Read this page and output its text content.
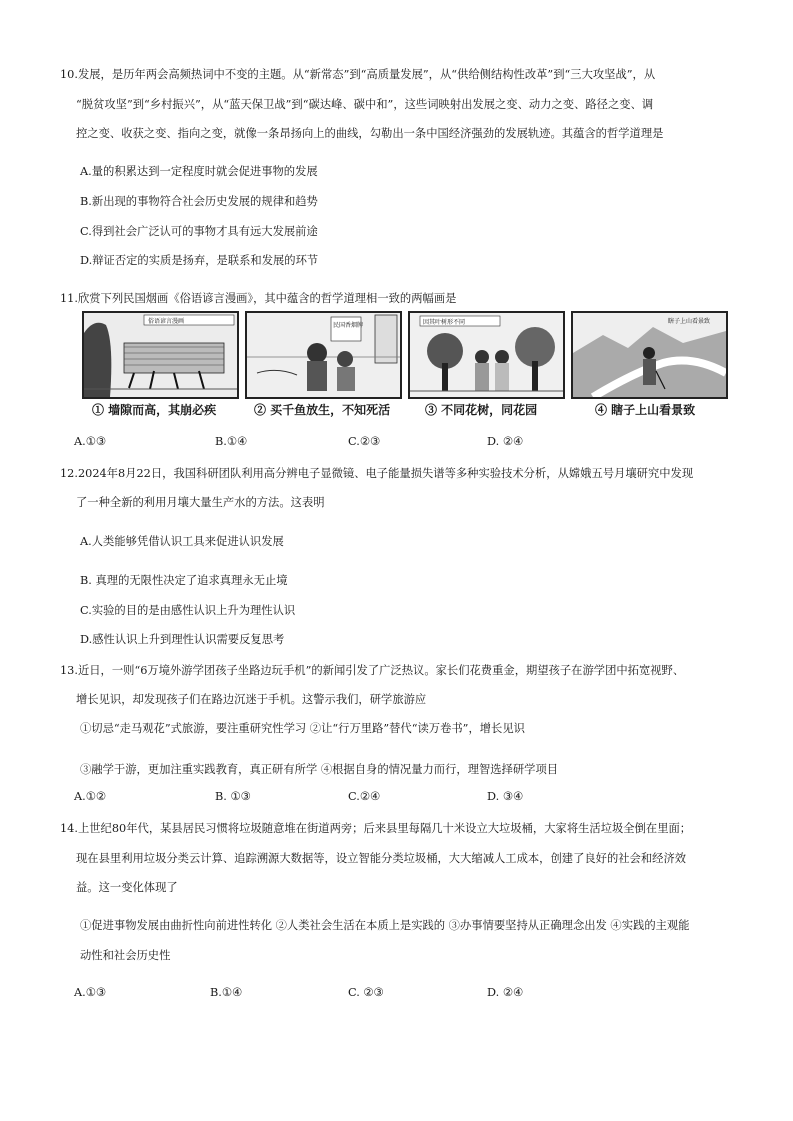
10.发展，是历年两会高频热词中不变的主题。从“新常态”到“高质量发展”，从“供给侧结构性改革”到“三大攻坚战”，从
“脱贫攻坚”到“乡村振兴”，从“蓝天保卫战”到“碳达峰、碳中和”，这些词映射出发展之变、动力之变、路径之变、调
控之变、收获之变、指向之变，就像一条昂扬向上的曲线，勾勒出一条中国经济强劲的发展轨迹。其蕴含的哲学道理是
A.量的积累达到一定程度时就会促进事物的发展
B.新出现的事物符合社会历史发展的规律和趋势
C.得到社会广泛认可的事物才具有远大发展前途
D.辩证否定的实质是扬弃，是联系和发展的环节
11.欣赏下列民国烟画《俗语谚言漫画》，其中蕴含的哲学道理相一致的两幅画是
俗语谚言漫画
民国香烟牌	因其叶树形不同	瞎子上山看景致
① 墙隙而高，其崩必疾	② 买千鱼放生，不知死活	③ 不同花树，同花园	④ 瞎子上山看景致
A.①③	B.①④	C.②③	D. ②④
12.2024年8月22日，我国科研团队利用高分辨电子显微镜、电子能量损失谱等多种实验技术分析，从嫦娥五号月壤研究中发现
了一种全新的利用月壤大量生产水的方法。这表明
A.人类能够凭借认识工具来促进认识发展
B. 真理的无限性决定了追求真理永无止境
C.实验的目的是由感性认识上升为理性认识
D.感性认识上升到理性认识需要反复思考
13.近日，一则“6万境外游学团孩子坐路边玩手机”的新闻引发了广泛热议。家长们花费重金，期望孩子在游学团中拓宽视野、
增长见识，却发现孩子们在路边沉迷于手机。这警示我们，研学旅游应
①切忌“走马观花”式旅游，要注重研究性学习 ②让“行万里路”替代“读万卷书”，增长见识
③融学于游，更加注重实践教育，真正研有所学 ④根据自身的情况量力而行，理智选择研学项目
A.①②	B. ①③	C.②④	D. ③④
14.上世纪80年代，某县居民习惯将垃圾随意堆在街道两旁；后来县里每隔几十米设立大垃圾桶，大家将生活垃圾全倒在里面；
现在县里利用垃圾分类云计算、追踪溯源大数据等，设立智能分类垃圾桶，大大缩减人工成本，创建了良好的社会和经济效
益。这一变化体现了
①促进事物发展由曲折性向前进性转化 ②人类社会生活在本质上是实践的 ③办事情要坚持从正确理念出发 ④实践的主观能
动性和社会历史性
A.①③	B.①④	C. ②③	D. ②④
